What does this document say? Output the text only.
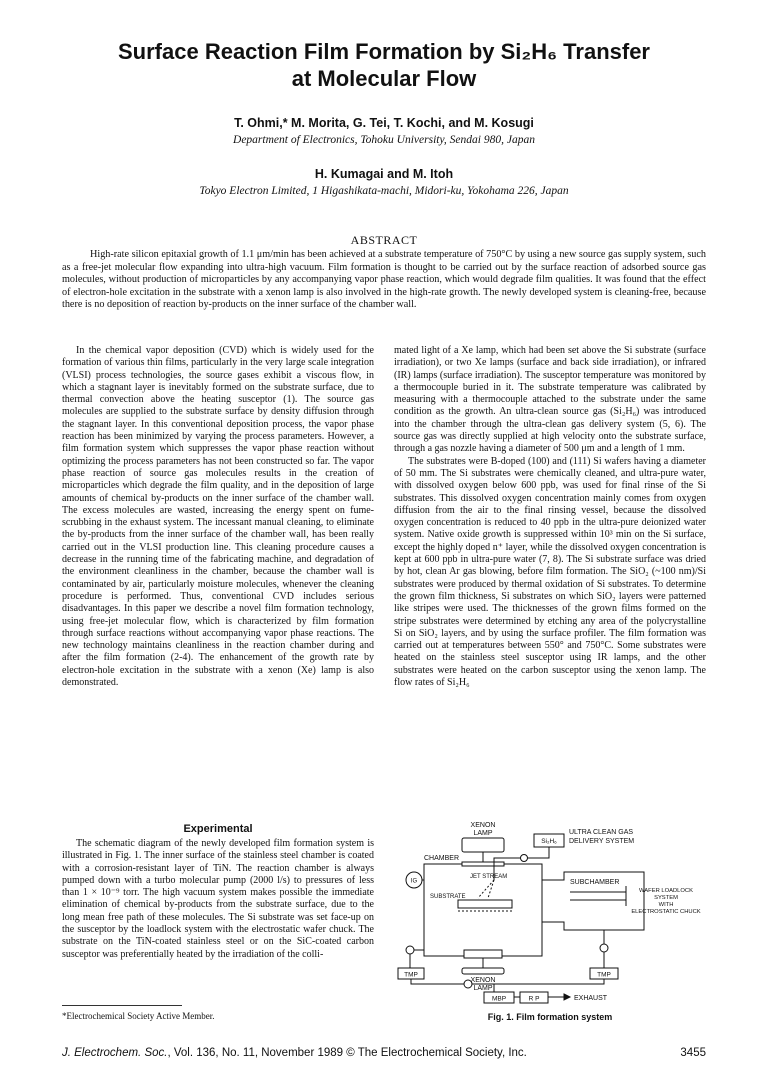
Surface Reaction Film Formation by Si₂H₆ Transfer
at Molecular Flow
T. Ohmi,* M. Morita, G. Tei, T. Kochi, and M. Kosugi
Department of Electronics, Tohoku University, Sendai 980, Japan
H. Kumagai and M. Itoh
Tokyo Electron Limited, 1 Higashikata-machi, Midori-ku, Yokohama 226, Japan
ABSTRACT

High-rate silicon epitaxial growth of 1.1 μm/min has been achieved at a substrate temperature of 750°C by using a new source gas supply system, such as a free-jet molecular flow expanding into ultra-high vacuum. Film formation is thought to be carried out by the surface reaction of adsorbed source gas molecules, without production of microparticles by any accompanying vapor phase reaction, which would degrade film qualities. It was found that the effect of electron-hole excitation in the substrate with a xenon lamp is also involved in the high-rate growth. The newly developed system is cleaning-free, because there is no deposition of reaction by-products on the inner surface of the chamber wall.

In the chemical vapor deposition (CVD) which is widely used for the formation of various thin films, particularly in the very large scale integration (VLSI) process technologies, the source gases exhibit a viscous flow, in which a stagnant layer is inevitably formed on the substrate surface, due to thermal convection above the heating susceptor (1). The source gas molecules are supplied to the substrate surface by density diffusion through the stagnant layer. In this conventional deposition process, the vapor phase reaction has been minimized by varying the process parameters. However, a film formation system which suppresses the vapor phase reaction without optimizing the process parameters has not been constructed so far. The vapor phase reaction of source gas molecules results in the creation of microparticles which degrade the film quality, and in the deposition of large amounts of chemical by-products on the inner surface of the chamber wall. The excess molecules are wasted, increasing the energy spent on fume-scrubbing in the exhaust system. The incessant manual cleaning, to eliminate the by-products from the inner surface of the chamber wall, has been really carried out in the VLSI production line. This cleaning procedure causes a decrease in the running time of the fabricating machine, and degradation of the environment cleanliness in the chamber, because the chamber wall is contaminated by air, particularly moisture molecules, whenever the cleaning procedure is performed. Thus, conventional CVD includes serious disadvantages. In this paper we describe a novel film formation technology, using free-jet molecular flow, which is characterized by film formation through surface reactions without accompanying vapor phase reactions. The new technology maintains cleanliness in the reaction chamber during and after the film formation (2-4). The enhancement of the growth rate by electron-hole excitation in the substrate with a xenon (Xe) lamp is also demonstrated.

Experimental

The schematic diagram of the newly developed film formation system is illustrated in Fig. 1. The inner surface of the stainless steel chamber is coated with a corrosion-resistant layer of TiN. The reaction chamber is always pumped down with a turbo molecular pump (2000 l/s) to pressures of less than 1 × 10⁻⁹ torr. The high vacuum system makes possible the immediate elimination of chemical by-products from the substrate surface, due to the long mean free path of these molecules. The Si substrate was set face-up on the susceptor by the loadlock system with the electrostatic wafer chuck. The substrate on the TiN-coated stainless steel or on the SiC-coated carbon susceptor was preferentially heated by the irradiation of the colli-

mated light of a Xe lamp, which had been set above the Si substrate (surface irradiation), or two Xe lamps (surface and back side irradiation), or infrared (IR) lamps (surface irradiation). The susceptor temperature was monitored by a thermocouple buried in it. The substrate temperature was calibrated by measuring with a thermocouple attached to the substrate under the same condition as the growth. An ultra-clean source gas (Si₂H₆) was introduced into the chamber through the ultra-clean gas delivery system (5, 6). The source gas was directly supplied at high velocity onto the substrate surface, through a gas nozzle having a diameter of 500 μm and a length of 1 mm.

The substrates were B-doped (100) and (111) Si wafers having a diameter of 50 mm. The Si substrates were chemically cleaned, and ultra-pure water, with dissolved oxygen below 600 ppb, was used for final rinse of the Si substrates. This dissolved oxygen concentration mainly comes from oxygen diffusion from the air to the final rinsing vessel, because the dissolved oxygen concentration is reduced to 40 ppb in the ultra-pure deionized water system. Native oxide growth is suppressed within 10³ min on the Si surface, except the highly doped n⁺ layer, while the dissolved oxygen concentration is kept at 600 ppb in ultra-pure water (7, 8). The Si substrate surface was dried by hot, clean Ar gas blowing, before film formation. The SiO₂ (~100 nm)/Si substrates were produced by thermal oxidation of Si substrates. To determine the grown film thickness, Si substrates on which SiO₂ layers were patterned like stripes were used. The thicknesses of the grown films formed on the stripe substrates were determined by etching any area of the polycrystalline Si on SiO₂ layers, and by using the surface profiler. The film formation was carried out at temperatures between 550° and 750°C. Some substrates were heated on the stainless steel susceptor using IR lamps, and the other substrates were heated on the carbon susceptor using the xenon lamp. The flow rates of Si₂H₆

XENON
LAMP
Si₂H₆
ULTRA CLEAN GAS
DELIVERY SYSTEM
CHAMBER
IG
JET STREAM
SUBSTRATE
SUBCHAMBER
WAFER LOADLOCK
SYSTEM
WITH
ELECTROSTATIC CHUCK
XENON
LAMP
TMP	TMP
MBP	R P	EXHAUST
Fig. 1. Film formation system
*Electrochemical Society Active Member.
J. Electrochem. Soc., Vol. 136, No. 11, November 1989 © The Electrochemical Society, Inc.	3455
